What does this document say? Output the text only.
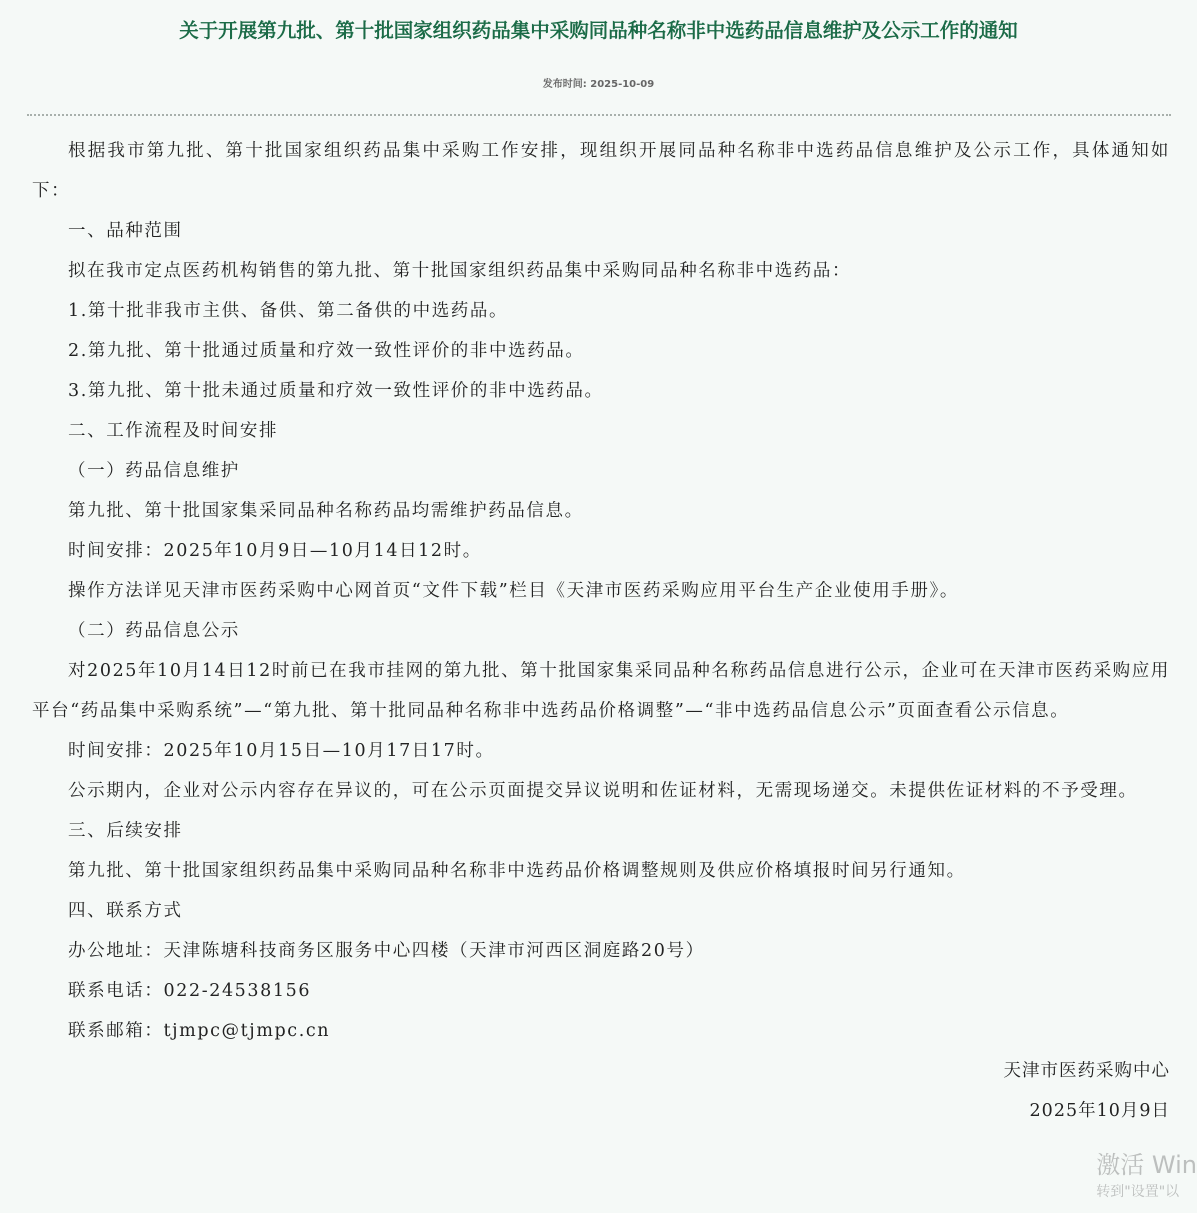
关于开展第九批、第十批国家组织药品集中采购同品种名称非中选药品信息维护及公示工作的通知
发布时间: 2025-10-09

根据我市第九批、第十批国家组织药品集中采购工作安排，现组织开展同品种名称非中选药品信息维护及公示工作，具体通知如下：

一、品种范围

拟在我市定点医药机构销售的第九批、第十批国家组织药品集中采购同品种名称非中选药品：

1.第十批非我市主供、备供、第二备供的中选药品。

2.第九批、第十批通过质量和疗效一致性评价的非中选药品。

3.第九批、第十批未通过质量和疗效一致性评价的非中选药品。

二、工作流程及时间安排

（一）药品信息维护

第九批、第十批国家集采同品种名称药品均需维护药品信息。

时间安排：2025年10月9日—10月14日12时。

操作方法详见天津市医药采购中心网首页“文件下载”栏目《天津市医药采购应用平台生产企业使用手册》。

（二）药品信息公示

对2025年10月14日12时前已在我市挂网的第九批、第十批国家集采同品种名称药品信息进行公示，企业可在天津市医药采购应用平台“药品集中采购系统”—“第九批、第十批同品种名称非中选药品价格调整”—“非中选药品信息公示”页面查看公示信息。

时间安排：2025年10月15日—10月17日17时。

公示期内，企业对公示内容存在异议的，可在公示页面提交异议说明和佐证材料，无需现场递交。未提供佐证材料的不予受理。

三、后续安排

第九批、第十批国家组织药品集中采购同品种名称非中选药品价格调整规则及供应价格填报时间另行通知。

四、联系方式

办公地址：天津陈塘科技商务区服务中心四楼（天津市河西区洞庭路20号）

联系电话：022-24538156

联系邮箱：tjmpc@tjmpc.cn

天津市医药采购中心

2025年10月9日

激活 Win
转到"设置"以
